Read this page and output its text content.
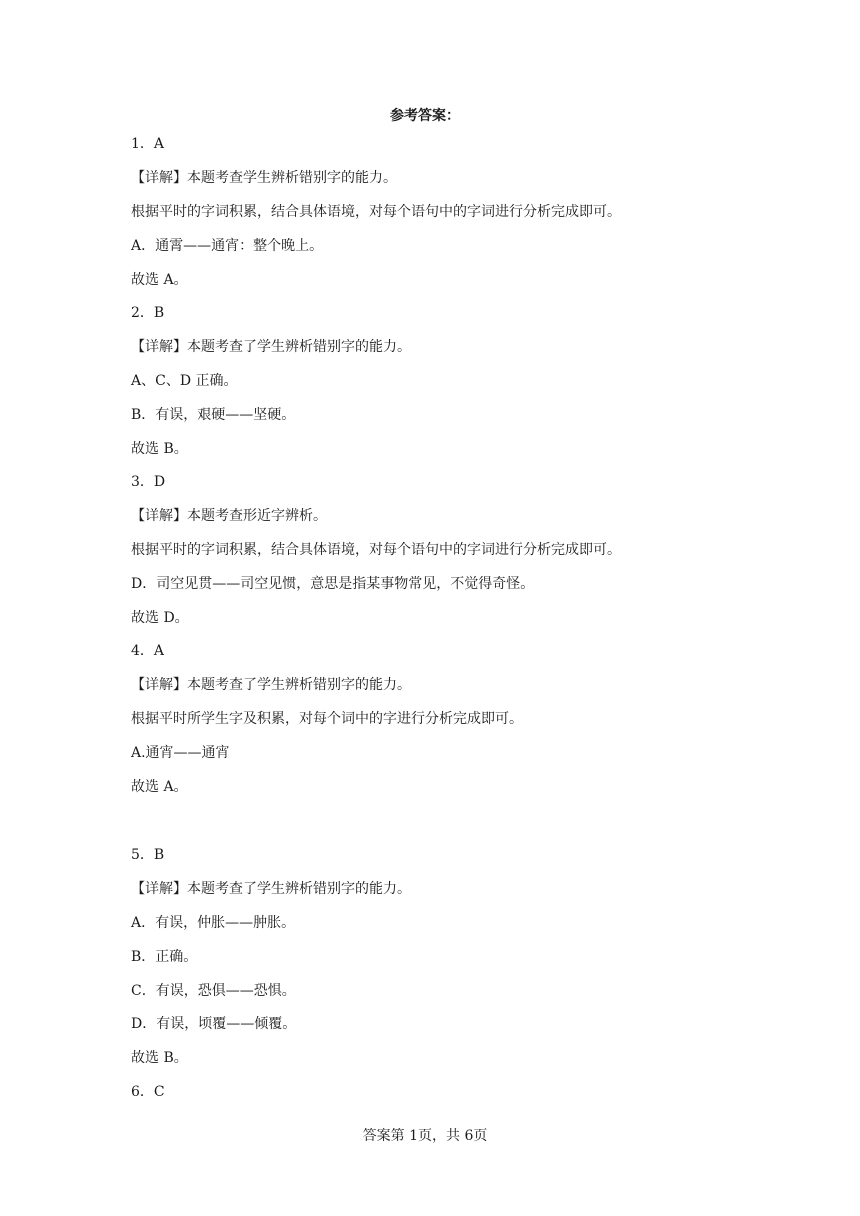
参考答案：
1．A
【详解】本题考查学生辨析错别字的能力。
根据平时的字词积累，结合具体语境，对每个语句中的字词进行分析完成即可。
A．通霄——通宵：整个晚上。
故选 A。
2．B
【详解】本题考查了学生辨析错别字的能力。
A、C、D 正确。
B．有误，艰硬——坚硬。
故选 B。
3．D
【详解】本题考查形近字辨析。
根据平时的字词积累，结合具体语境，对每个语句中的字词进行分析完成即可。
D．司空见贯——司空见惯，意思是指某事物常见，不觉得奇怪。
故选 D。
4．A
【详解】本题考查了学生辨析错别字的能力。
根据平时所学生字及积累，对每个词中的字进行分析完成即可。
A.通宵——通宵
故选 A。
5．B
【详解】本题考查了学生辨析错别字的能力。
A．有误，仲胀——肿胀。
B．正确。
C．有误，恐俱——恐惧。
D．有误，顷覆——倾覆。
故选 B。
6．C
答案第 1页，共 6页
